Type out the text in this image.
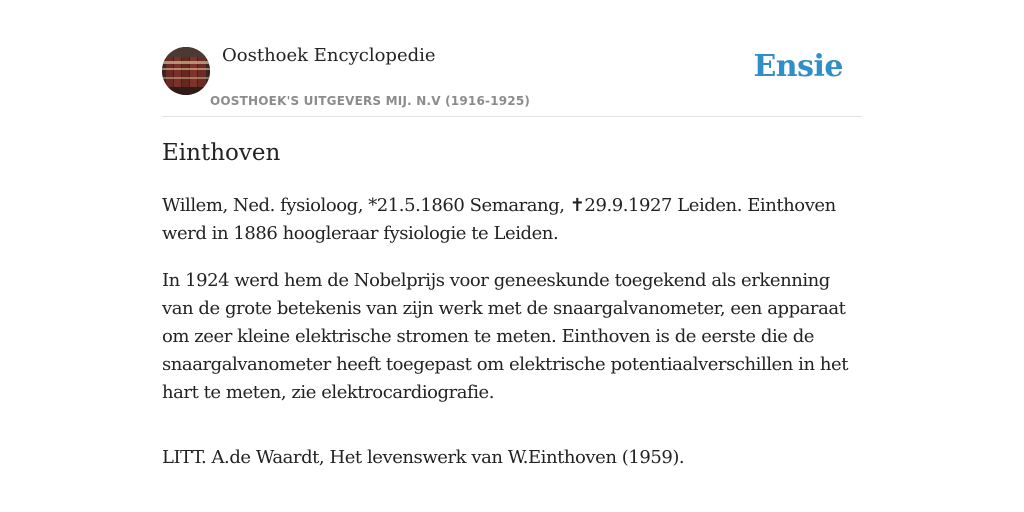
Oosthoek Encyclopedie
OOSTHOEK'S UITGEVERS MIJ. N.V (1916-1925)
Ensie
Einthoven

Willem, Ned. fysioloog, *21.5.1860 Semarang, ✝29.9.1927 Leiden. Einthoven werd in 1886 hoogleraar fysiologie te Leiden.

In 1924 werd hem de Nobelprijs voor geneeskunde toegekend als erkenning van de grote betekenis van zijn werk met de snaargalvanometer, een apparaat om zeer kleine elektrische stromen te meten. Einthoven is de eerste die de snaargalvanometer heeft toegepast om elektrische potentiaalverschillen in het hart te meten, zie elektrocardiografie.

LITT. A.de Waardt, Het levenswerk van W.Einthoven (1959).
